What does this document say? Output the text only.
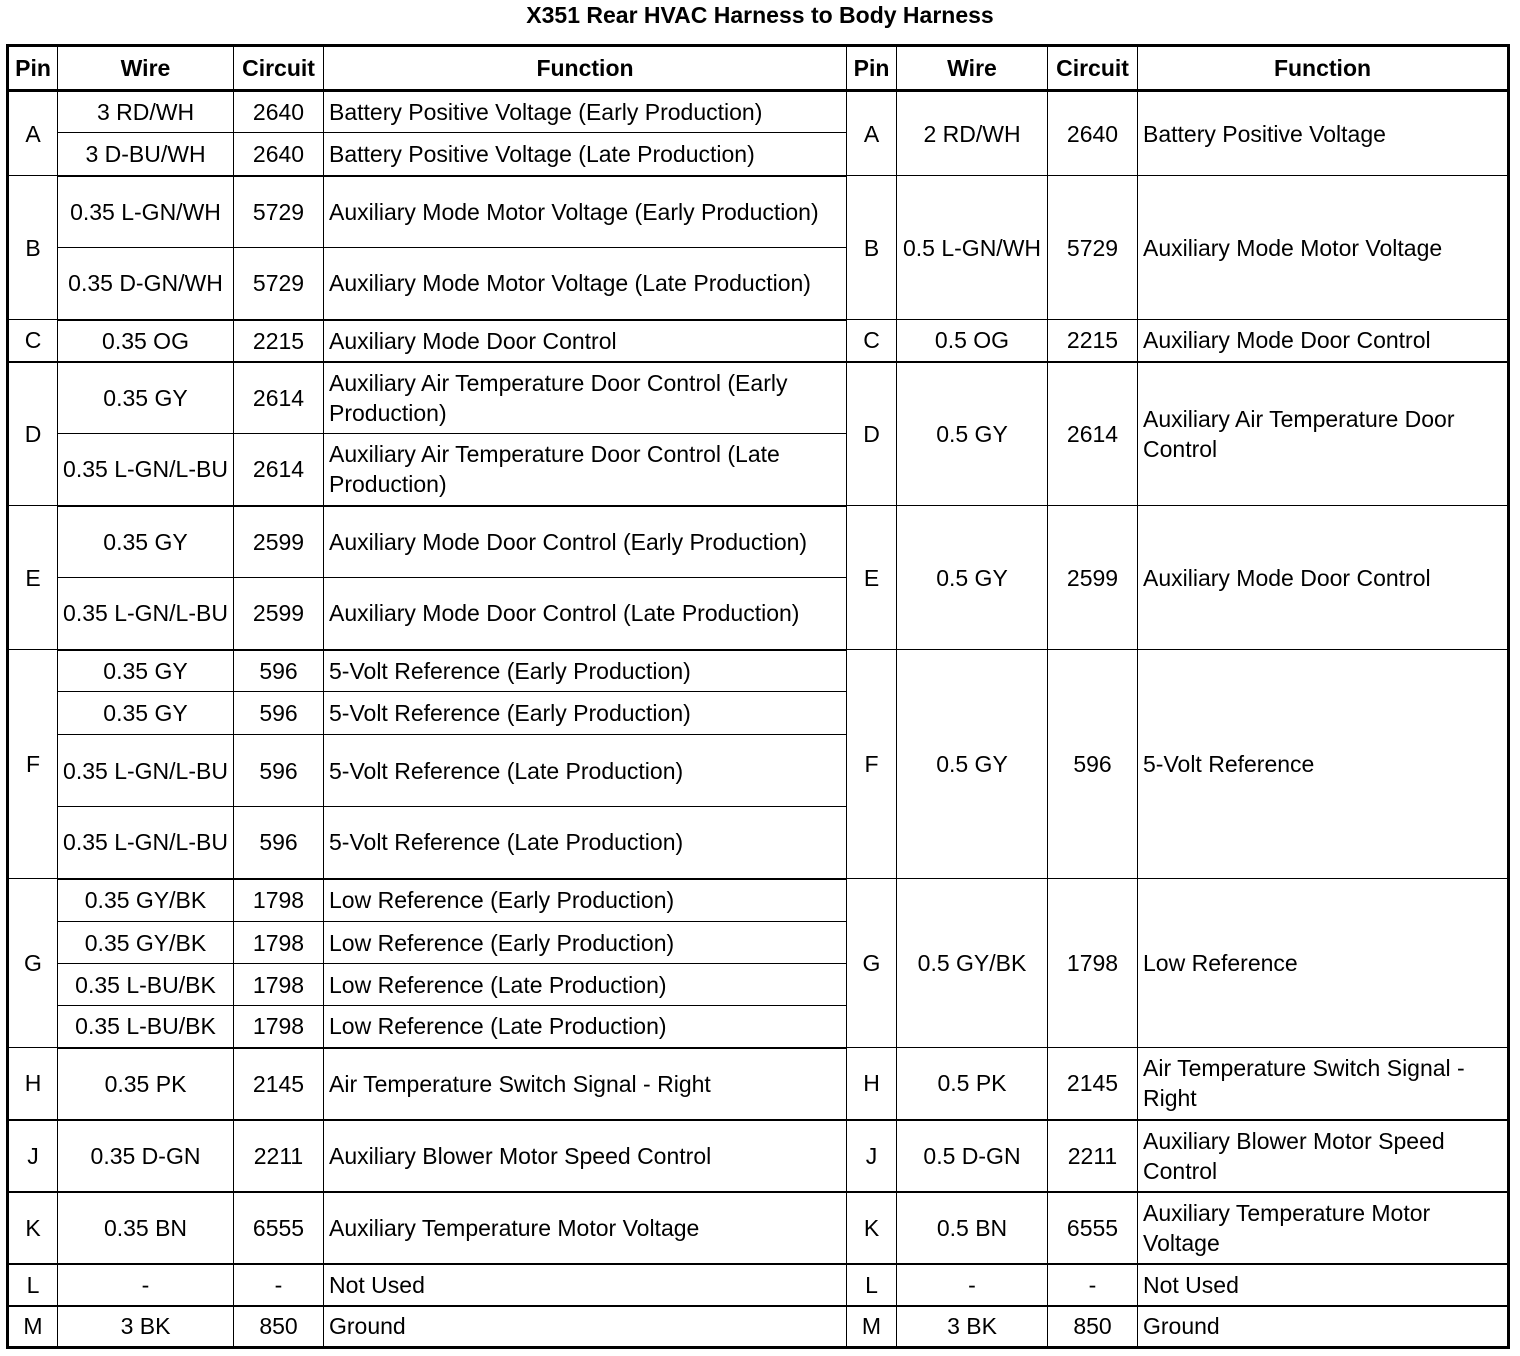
X351 Rear HVAC Harness to Body Harness
Pin	Wire	Circuit	Function	Pin	Wire	Circuit	Function
A	3 RD/WH	2640	Battery Positive Voltage (Early Production)	A	2 RD/WH	2640	Battery Positive Voltage
	3 D-BU/WH	2640	Battery Positive Voltage (Late Production)				
B	0.35 L-GN/WH	5729	Auxiliary Mode Motor Voltage (Early Production)	B	0.5 L-GN/WH	5729	Auxiliary Mode Motor Voltage
	0.35 D-GN/WH	5729	Auxiliary Mode Motor Voltage (Late Production)				
C	0.35 OG	2215	Auxiliary Mode Door Control	C	0.5 OG	2215	Auxiliary Mode Door Control
D	0.35 GY	2614	Auxiliary Air Temperature Door Control (Early Production)	D	0.5 GY	2614	Auxiliary Air Temperature Door Control
	0.35 L-GN/L-BU	2614	Auxiliary Air Temperature Door Control (Late Production)				
E	0.35 GY	2599	Auxiliary Mode Door Control (Early Production)	E	0.5 GY	2599	Auxiliary Mode Door Control
	0.35 L-GN/L-BU	2599	Auxiliary Mode Door Control (Late Production)				
F	0.35 GY	596	5-Volt Reference (Early Production)	F	0.5 GY	596	5-Volt Reference
	0.35 GY	596	5-Volt Reference (Early Production)				
	0.35 L-GN/L-BU	596	5-Volt Reference (Late Production)				
	0.35 L-GN/L-BU	596	5-Volt Reference (Late Production)				
G	0.35 GY/BK	1798	Low Reference (Early Production)	G	0.5 GY/BK	1798	Low Reference
	0.35 GY/BK	1798	Low Reference (Early Production)				
	0.35 L-BU/BK	1798	Low Reference (Late Production)				
	0.35 L-BU/BK	1798	Low Reference (Late Production)				
H	0.35 PK	2145	Air Temperature Switch Signal - Right	H	0.5 PK	2145	Air Temperature Switch Signal - Right
J	0.35 D-GN	2211	Auxiliary Blower Motor Speed Control	J	0.5 D-GN	2211	Auxiliary Blower Motor Speed Control
K	0.35 BN	6555	Auxiliary Temperature Motor Voltage	K	0.5 BN	6555	Auxiliary Temperature Motor Voltage
L	-	-	Not Used	L	-	-	Not Used
M	3 BK	850	Ground	M	3 BK	850	Ground
